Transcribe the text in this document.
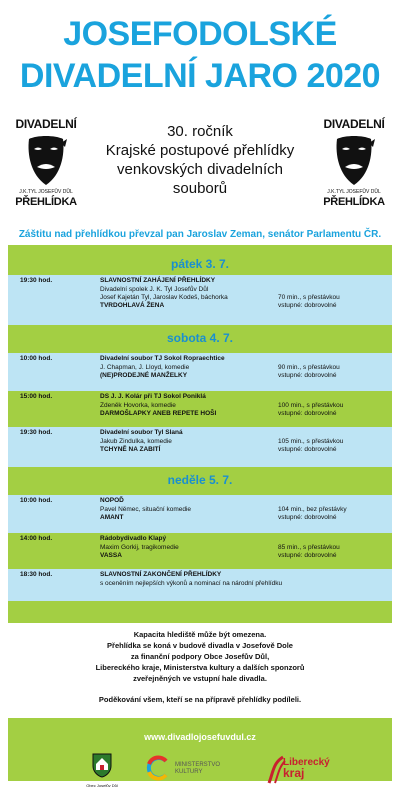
JOSEFODOLSKÉ
DIVADELNÍ JARO 2020
DIVADELNÍ
J.K.TYL JOSEFŮV DŮL
PŘEHLÍDKA
30. ročník
Krajské postupové přehlídky
venkovských divadelních
souborů
DIVADELNÍ
J.K.TYL JOSEFŮV DŮL
PŘEHLÍDKA
Záštitu nad přehlídkou převzal pan Jaroslav Zeman, senátor Parlamentu ČR.
pátek 3. 7.
19:30 hod.	SLAVNOSTNÍ ZAHÁJENÍ PŘEHLÍDKY
Divadelní spolek J. K. Tyl Josefův Důl
Josef Kajetán Tyl, Jaroslav Kodeš, báchorka
TVRDOHLAVÁ ŽENA
70 min., s přestávkou
vstupné: dobrovolné
sobota 4. 7.
10:00 hod.	Divadelní soubor TJ Sokol Ropraechtice
J. Chapman, J. Lloyd, komedie
(NE)PRODEJNÉ MANŽELKY
90 min., s přestávkou
vstupné: dobrovolné
15:00 hod.	DS J. J. Kolár při TJ Sokol Poniklá
Zdeněk Hovorka, komedie
DARMOŠLAPKY ANEB REPETE HOŠI
100 min., s přestávkou
vstupné: dobrovolné
19:30 hod.	Divadelní soubor Tyl Slaná
Jakub Zindulka, komedie
TCHYNĚ NA ZABITÍ
105 min., s přestávkou
vstupné: dobrovolné
neděle 5. 7.
10:00 hod.	NOPOĎ
Pavel Němec, situační komedie
AMANT
104 min., bez přestávky
vstupné: dobrovolné
14:00 hod.	Rádobydivadlo Klapý
Maxim Gorkij, tragikomedie
VASSA
85 min., s přestávkou
vstupné: dobrovolné
18:30 hod.	SLAVNOSTNÍ ZAKONČENÍ PŘEHLÍDKY
s oceněním nejlepších výkonů a nominací na národní přehlídku
Kapacita hlediště může být omezena.
Přehlídka se koná v budově divadla v Josefově Dole
za finanční podpory Obce Josefův Důl,
Libereckého kraje, Ministerstva kultury a dalších sponzorů
zveřejněných ve vstupní hale divadla.
Poděkování všem, kteří se na přípravě přehlídky podíleli.
www.divadlojosefuvdul.cz
Obec Josefův Důl
MINISTERSTVO
KULTURY
Liberecký
kraj
